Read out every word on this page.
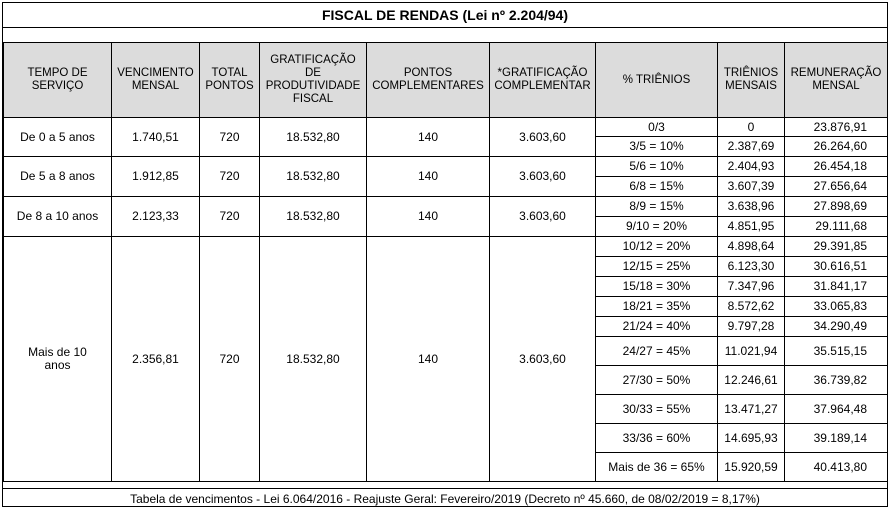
FISCAL DE RENDAS (Lei nº 2.204/94)
TEMPO DE SERVIÇO	VENCIMENTO MENSAL	TOTAL PONTOS	GRATIFICAÇÃO DE PRODUTIVIDADE FISCAL	PONTOS COMPLEMENTARES	*GRATIFICAÇÃO COMPLEMENTAR	% TRIÊNIOS	TRIÊNIOS MENSAIS	REMUNERAÇÃO MENSAL
De 0 a 5 anos	1.740,51	720	18.532,80	140	3.603,60	0/3	0	23.876,91
						3/5 = 10%	2.387,69	26.264,60
De 5 a 8 anos	1.912,85	720	18.532,80	140	3.603,60	5/6 = 10%	2.404,93	26.454,18
						6/8 = 15%	3.607,39	27.656,64
De 8 a 10 anos	2.123,33	720	18.532,80	140	3.603,60	8/9 = 15%	3.638,96	27.898,69
						9/10 = 20%	4.851,95	29.111,68
Mais de 10 anos	2.356,81	720	18.532,80	140	3.603,60	10/12 = 20%	4.898,64	29.391,85
						12/15 = 25%	6.123,30	30.616,51
						15/18 = 30%	7.347,96	31.841,17
						18/21 = 35%	8.572,62	33.065,83
						21/24 = 40%	9.797,28	34.290,49
						24/27 = 45%	11.021,94	35.515,15
						27/30 = 50%	12.246,61	36.739,82
						30/33 = 55%	13.471,27	37.964,48
						33/36 = 60%	14.695,93	39.189,14
						Mais de 36 = 65%	15.920,59	40.413,80
Tabela de vencimentos - Lei 6.064/2016 - Reajuste Geral: Fevereiro/2019 (Decreto nº 45.660, de 08/02/2019 = 8,17%)
